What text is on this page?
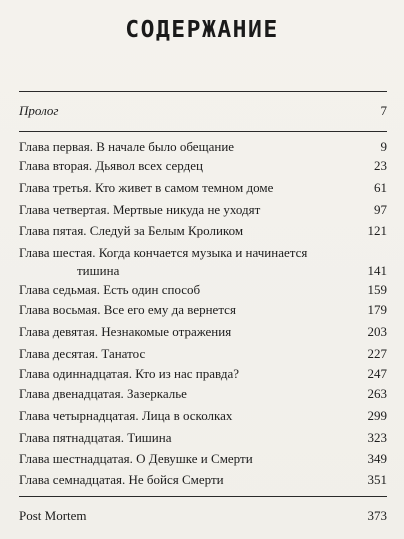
СОДЕРЖАНИЕ
Пролог	7
Глава первая. В начале было обещание	9
Глава вторая. Дьявол всех сердец	23
Глава третья. Кто живет в самом темном доме	61
Глава четвертая. Мертвые никуда не уходят	97
Глава пятая. Следуй за Белым Кроликом	121
Глава шестая. Когда кончается музыка и начинается
тишина	141
Глава седьмая. Есть один способ	159
Глава восьмая. Все его ему да вернется	179
Глава девятая. Незнакомые отражения	203
Глава десятая. Танатос	227
Глава одиннадцатая. Кто из нас правда?	247
Глава двенадцатая. Зазеркалье	263
Глава четырнадцатая. Лица в осколках	299
Глава пятнадцатая. Тишина	323
Глава шестнадцатая. О Девушке и Смерти	349
Глава семнадцатая. Не бойся Смерти	351
Post Mortem	373
